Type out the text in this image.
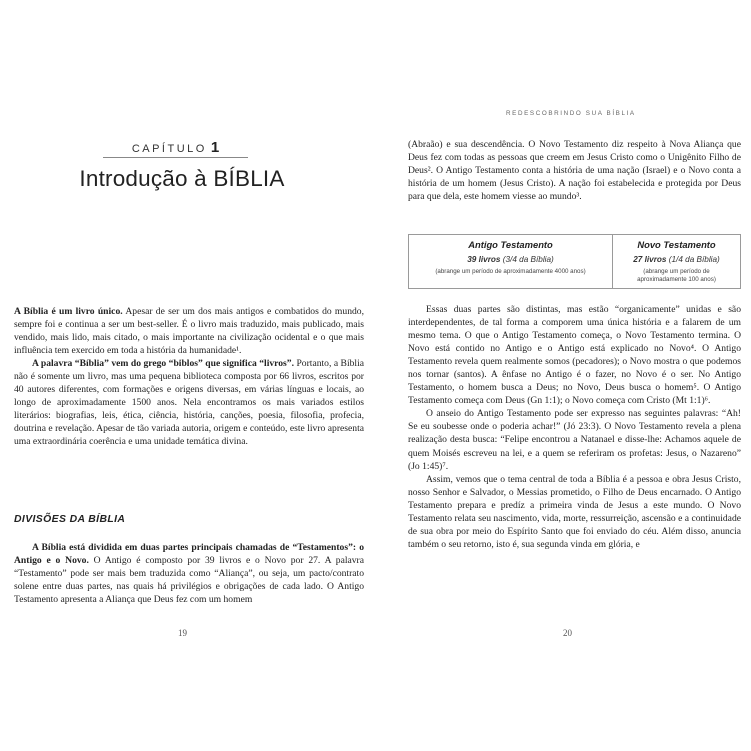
CAPÍTULO 1
Introdução à BÍBLIA

A Bíblia é um livro único. Apesar de ser um dos mais antigos e combatidos do mundo, sempre foi e continua a ser um best-seller. É o livro mais traduzido, mais publicado, mais vendido, mais lido, mais citado, o mais importante na civilização ocidental e o que mais influência tem exercido em toda a história da humanidade¹.

A palavra “Bíblia” vem do grego “biblos” que significa “livros”. Portanto, a Bíblia não é somente um livro, mas uma pequena biblioteca composta por 66 livros, escritos por 40 autores diferentes, com formações e origens diversas, em várias línguas e locais, ao longo de aproximadamente 1500 anos. Nela encontramos os mais variados estilos literários: biografias, leis, ética, ciência, história, canções, poesia, filosofia, profecia, doutrina e revelação. Apesar de tão variada autoria, origem e conteúdo, este livro apresenta uma extraordinária coerência e uma unidade temática divina.

DIVISÕES DA BÍBLIA

A Bíblia está dividida em duas partes principais chamadas de “Testamentos”: o Antigo e o Novo. O Antigo é composto por 39 livros e o Novo por 27. A palavra “Testamento” pode ser mais bem traduzida como “Aliança”, ou seja, um pacto/contrato solene entre duas partes, nas quais há privilégios e obrigações de cada lado. O Antigo Testamento apresenta a Aliança que Deus fez com um homem

19
REDESCOBRINDO SUA BÍBLIA

(Abraão) e sua descendência. O Novo Testamento diz respeito à Nova Aliança que Deus fez com todas as pessoas que creem em Jesus Cristo como o Unigênito Filho de Deus². O Antigo Testamento conta a história de uma nação (Israel) e o Novo conta a história de um homem (Jesus Cristo). A nação foi estabelecida e protegida por Deus para que dela, este homem viesse ao mundo³.

Antigo Testamento
39 livros (3/4 da Bíblia)
(abrange um período de aproximadamente 4000 anos)
Novo Testamento
27 livros (1/4 da Bíblia)
(abrange um período de aproximadamente 100 anos)

Essas duas partes são distintas, mas estão “organicamente” unidas e são interdependentes, de tal forma a comporem uma única história e a falarem de um mesmo tema. O que o Antigo Testamento começa, o Novo Testamento termina. O Novo está contido no Antigo e o Antigo está explicado no Novo⁴. O Antigo Testamento revela quem realmente somos (pecadores); o Novo mostra o que podemos nos tornar (santos). A ênfase no Antigo é o fazer, no Novo é o ser. No Antigo Testamento, o homem busca a Deus; no Novo, Deus busca o homem⁵. O Antigo Testamento começa com Deus (Gn 1:1); o Novo começa com Cristo (Mt 1:1)⁶.

O anseio do Antigo Testamento pode ser expresso nas seguintes palavras: “Ah! Se eu soubesse onde o poderia achar!” (Jó 23:3). O Novo Testamento revela a plena realização desta busca: “Felipe encontrou a Natanael e disse-lhe: Achamos aquele de quem Moisés escreveu na lei, e a quem se referiram os profetas: Jesus, o Nazareno” (Jo 1:45)⁷.

Assim, vemos que o tema central de toda a Bíblia é a pessoa e obra Jesus Cristo, nosso Senhor e Salvador, o Messias prometido, o Filho de Deus encarnado. O Antigo Testamento prepara e predíz a primeira vinda de Jesus a este mundo. O Novo Testamento relata seu nascimento, vida, morte, ressurreição, ascensão e a continuidade de sua obra por meio do Espírito Santo que foi enviado do céu. Além disso, anuncia também o seu retorno, isto é, sua segunda vinda em glória, e

20
